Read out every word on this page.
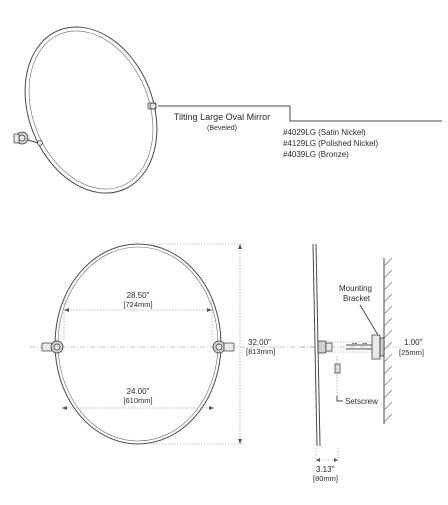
Tilting Large Oval Mirror
(Beveled)	#4029LG (Satin Nickel)
#4129LG (Polished Nickel)
#4039LG (Bronze)
28.50"
[724mm]
24.00"
[610mm]
32.00"
[813mm]
⊶ ⊶
Setscrew
Mounting
Bracket
1.00"
[25mm]
3.13"
[80mm]
